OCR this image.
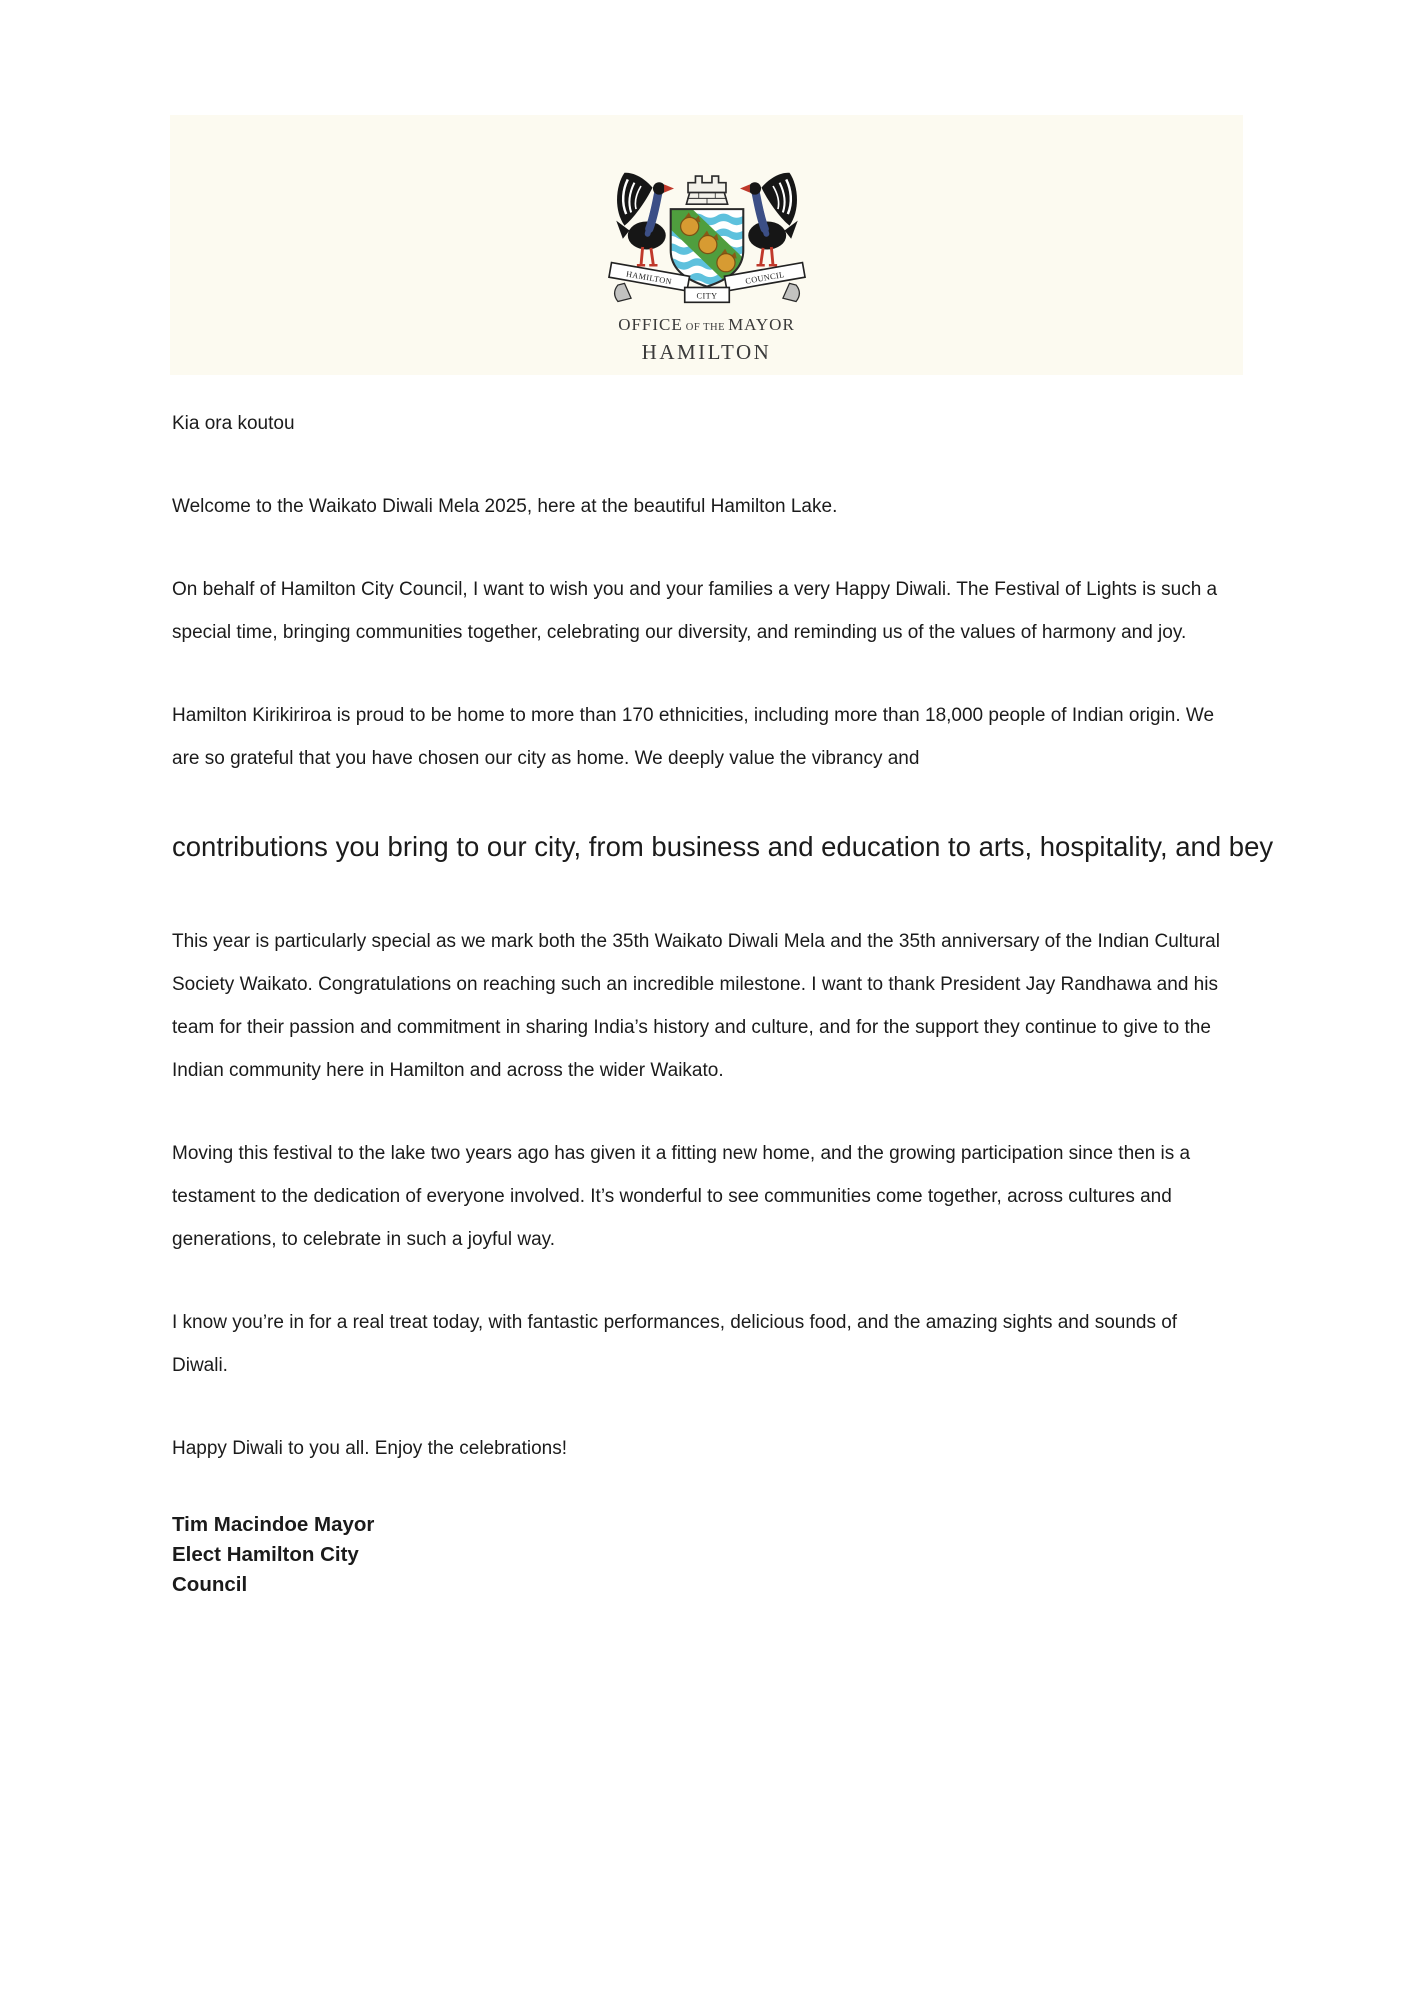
HAMILTON	COUNCIL
CITY
OFFICE OF THE MAYOR
HAMILTON

Kia ora koutou

Welcome to the Waikato Diwali Mela 2025, here at the beautiful Hamilton Lake.

On behalf of Hamilton City Council, I want to wish you and your families a very Happy Diwali. The Festival of Lights is such a special time, bringing communities together, celebrating our diversity, and reminding us of the values of harmony and joy.

Hamilton Kirikiriroa is proud to be home to more than 170 ethnicities, including more than 18,000 people of Indian origin. We are so grateful that you have chosen our city as home. We deeply value the vibrancy and

contributions you bring to our city, from business and education to arts, hospitality, and bey

This year is particularly special as we mark both the 35th Waikato Diwali Mela and the 35th anniversary of the Indian Cultural Society Waikato. Congratulations on reaching such an incredible milestone. I want to thank President Jay Randhawa and his team for their passion and commitment in sharing India’s history and culture, and for the support they continue to give to the Indian community here in Hamilton and across the wider Waikato.

Moving this festival to the lake two years ago has given it a fitting new home, and the growing participation since then is a testament to the dedication of everyone involved. It’s wonderful to see communities come together, across cultures and generations, to celebrate in such a joyful way.

I know you’re in for a real treat today, with fantastic performances, delicious food, and the amazing sights and sounds of Diwali.

Happy Diwali to you all. Enjoy the celebrations!

Tim Macindoe Mayor
Elect Hamilton City
Council
